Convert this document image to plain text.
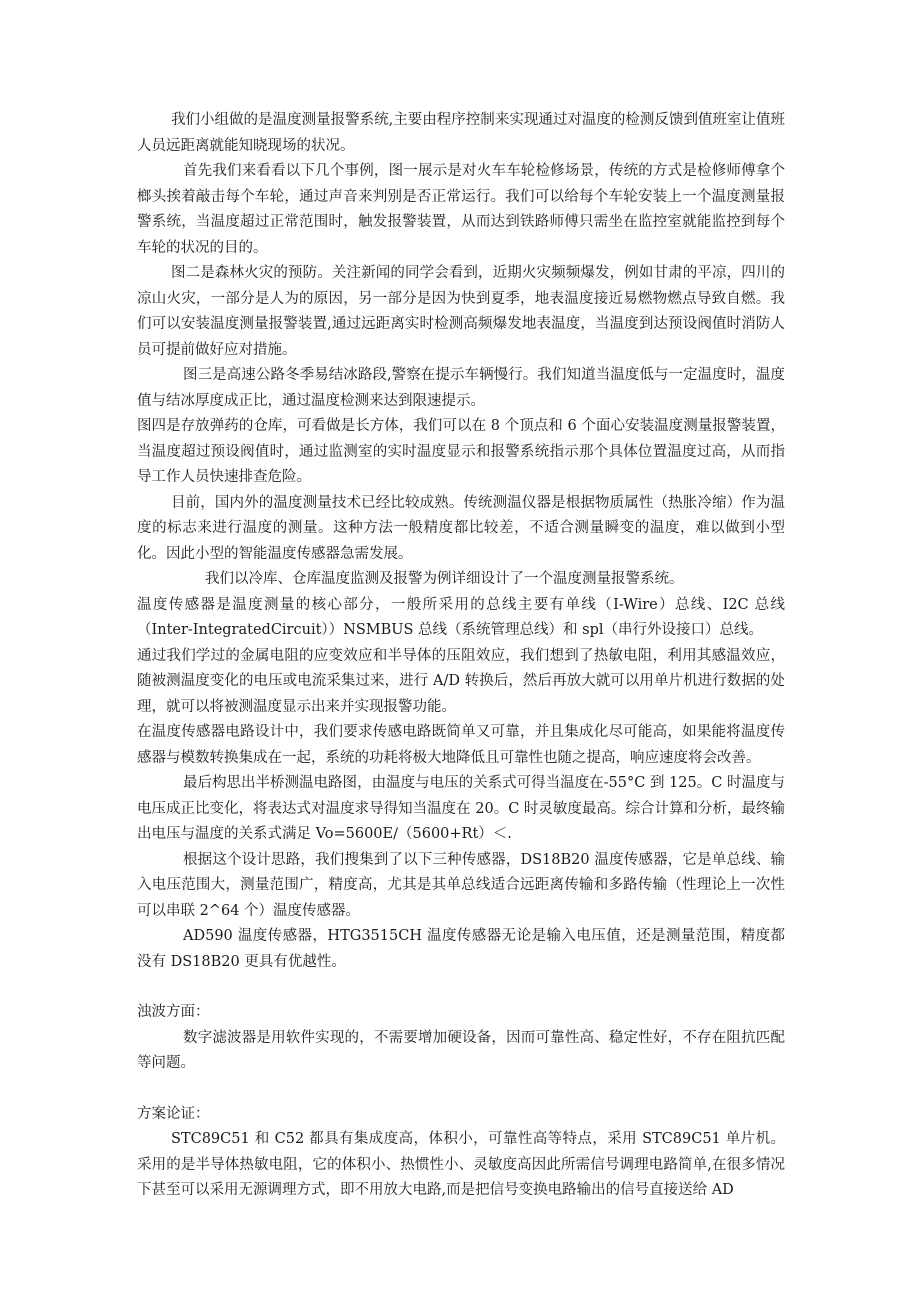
我们小组做的是温度测量报警系统,主要由程序控制来实现通过对温度的检测反馈到值班室让值班人员远距离就能知晓现场的状况。

首先我们来看看以下几个事例，图一展示是对火车车轮检修场景，传统的方式是检修师傅拿个榔头挨着敲击每个车轮，通过声音来判别是否正常运行。我们可以给每个车轮安装上一个温度测量报警系统，当温度超过正常范围时，触发报警装置，从而达到铁路师傅只需坐在监控室就能监控到每个车轮的状况的目的。

图二是森林火灾的预防。关注新闻的同学会看到，近期火灾频频爆发，例如甘肃的平凉，四川的凉山火灾，一部分是人为的原因，另一部分是因为快到夏季，地表温度接近易燃物燃点导致自燃。我们可以安装温度测量报警装置,通过远距离实时检测高频爆发地表温度，当温度到达预设阀值时消防人员可提前做好应对措施。

图三是高速公路冬季易结冰路段,警察在提示车辆慢行。我们知道当温度低与一定温度时，温度值与结冰厚度成正比，通过温度检测来达到限速提示。

图四是存放弹药的仓库，可看做是长方体，我们可以在 8 个顶点和 6 个面心安装温度测量报警装置，当温度超过预设阀值时，通过监测室的实时温度显示和报警系统指示那个具体位置温度过高，从而指导工作人员快速排查危险。

目前，国内外的温度测量技术已经比较成熟。传统测温仪器是根据物质属性（热胀冷缩）作为温度的标志来进行温度的测量。这种方法一般精度都比较差，不适合测量瞬变的温度，难以做到小型化。因此小型的智能温度传感器急需发展。

我们以冷库、仓库温度监测及报警为例详细设计了一个温度测量报警系统。

温度传感器是温度测量的核心部分，一般所采用的总线主要有单线（I-Wire）总线、I2C 总线（Inter-IntegratedCircuit））NSMBUS 总线（系统管理总线）和 spl（串行外设接口）总线。

通过我们学过的金属电阻的应变效应和半导体的压阻效应，我们想到了热敏电阻，利用其感温效应，随被测温度变化的电压或电流采集过来，进行 A/D 转换后，然后再放大就可以用单片机进行数据的处理，就可以将被测温度显示出来并实现报警功能。

在温度传感器电路设计中，我们要求传感电路既简单又可靠，并且集成化尽可能高，如果能将温度传感器与模数转换集成在一起，系统的功耗将极大地降低且可靠性也随之提高，响应速度将会改善。

最后构思出半桥测温电路图，由温度与电压的关系式可得当温度在-55°C 到 125。C 时温度与电压成正比变化，将表达式对温度求导得知当温度在 20。C 时灵敏度最高。综合计算和分析，最终输出电压与温度的关系式满足 Vo=5600E∕（5600+Rt）＜.

根据这个设计思路，我们搜集到了以下三种传感器，DS18B20 温度传感器，它是单总线、输入电压范围大，测量范围广，精度高，尤其是其单总线适合远距离传输和多路传输（性理论上一次性可以串联 2^64 个）温度传感器。

AD590 温度传感器，HTG3515CH 温度传感器无论是输入电压值，还是测量范围，精度都没有 DS18B20 更具有优越性。

浊波方面：

数字滤波器是用软件实现的，不需要增加硬设备，因而可靠性高、稳定性好，不存在阻抗匹配等问题。

方案论证：

STC89C51 和 C52 都具有集成度高，体积小，可靠性高等特点，采用 STC89C51 单片机。采用的是半导体热敏电阻，它的体积小、热惯性小、灵敏度高因此所需信号调理电路简单,在很多情况下甚至可以采用无源调理方式，即不用放大电路,而是把信号变换电路输出的信号直接送给 AD
